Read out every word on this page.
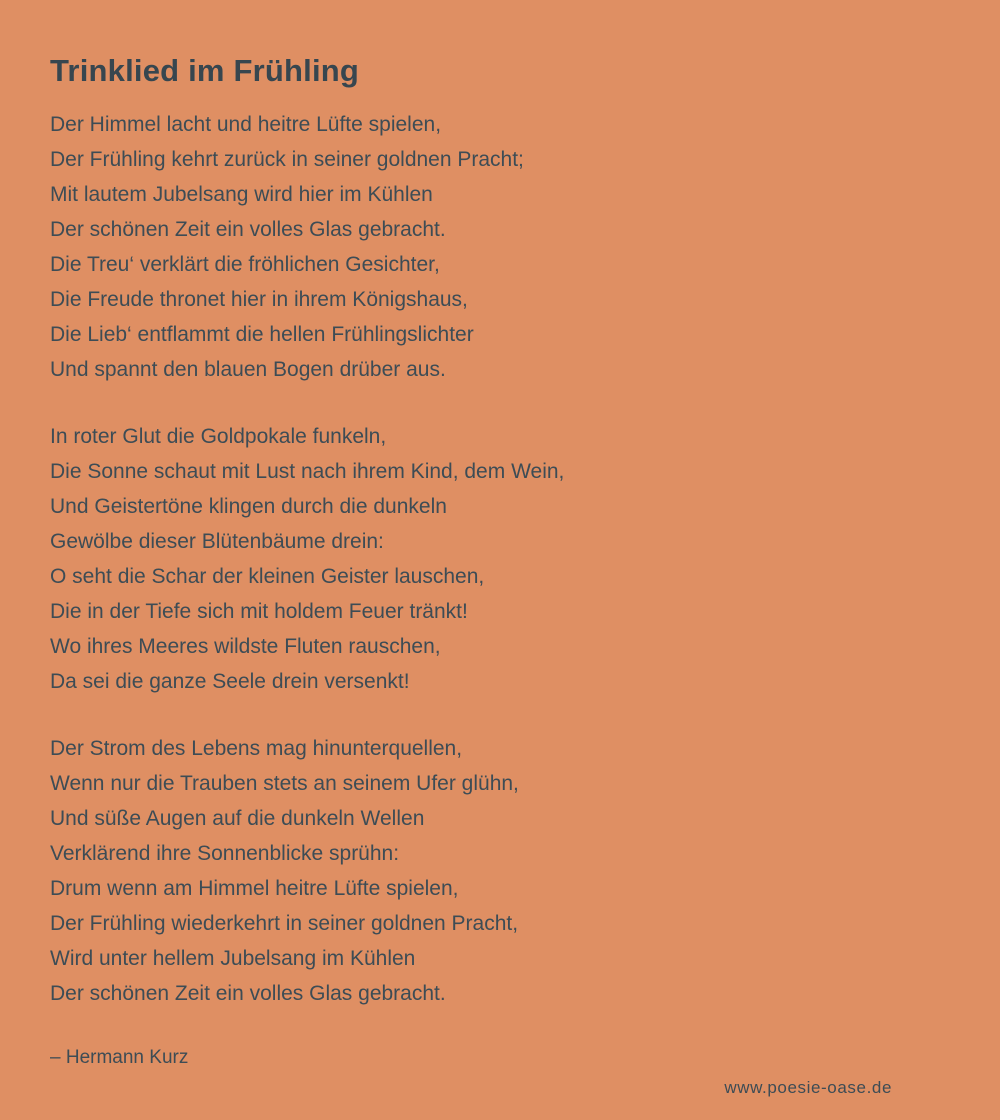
Trinklied im Frühling
Der Himmel lacht und heitre Lüfte spielen,
Der Frühling kehrt zurück in seiner goldnen Pracht;
Mit lautem Jubelsang wird hier im Kühlen
Der schönen Zeit ein volles Glas gebracht.
Die Treu‘ verklärt die fröhlichen Gesichter,
Die Freude thronet hier in ihrem Königshaus,
Die Lieb‘ entflammt die hellen Frühlingslichter
Und spannt den blauen Bogen drüber aus.
In roter Glut die Goldpokale funkeln,
Die Sonne schaut mit Lust nach ihrem Kind, dem Wein,
Und Geistertöne klingen durch die dunkeln
Gewölbe dieser Blütenbäume drein:
O seht die Schar der kleinen Geister lauschen,
Die in der Tiefe sich mit holdem Feuer tränkt!
Wo ihres Meeres wildste Fluten rauschen,
Da sei die ganze Seele drein versenkt!
Der Strom des Lebens mag hinunterquellen,
Wenn nur die Trauben stets an seinem Ufer glühn,
Und süße Augen auf die dunkeln Wellen
Verklärend ihre Sonnenblicke sprühn:
Drum wenn am Himmel heitre Lüfte spielen,
Der Frühling wiederkehrt in seiner goldnen Pracht,
Wird unter hellem Jubelsang im Kühlen
Der schönen Zeit ein volles Glas gebracht.
– Hermann Kurz
www.poesie-oase.de
